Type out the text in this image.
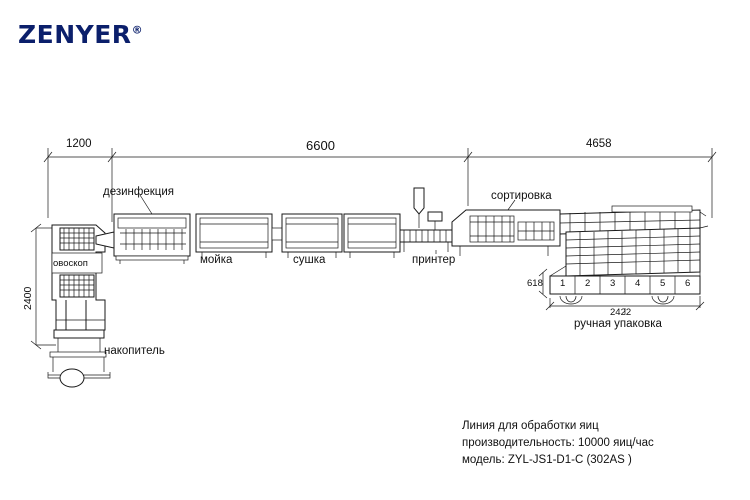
ZENYER®
1200	6600	4658
2400
618
2422
дезинфекция
овоскоп	мойка	сушка	принтер
сортировка
накопитель
ручная упаковка
1 2 3 4 5 6
Линия для обработки яиц
производительность: 10000 яиц/час
модель: ZYL-JS1-D1-C (302AS )
